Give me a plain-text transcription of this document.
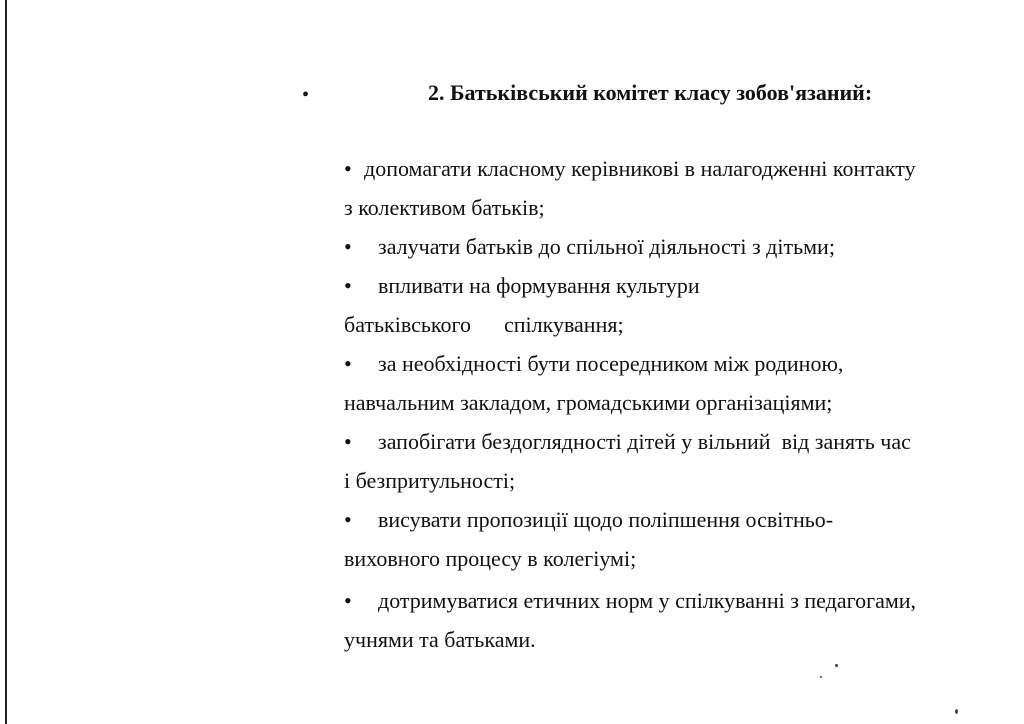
•	2. Батьківський комітет класу зобов'язаний:

• допомагати класному керівникові в налагодженні контакту

з колективом батьків;

• залучати батьків до спільної діяльності з дітьми;

• впливати на формування культури

батьківського      спілкування;

• за необхідності бути посередником між родиною,

навчальним закладом, громадськими організаціями;

• запобігати бездоглядності дітей у вільний  від занять час

і безпритульності;

• висувати пропозиції щодо поліпшення освітньо-

виховного процесу в колегіумі;

• дотримуватися етичних норм у спілкуванні з педагогами,

учнями та батьками.
